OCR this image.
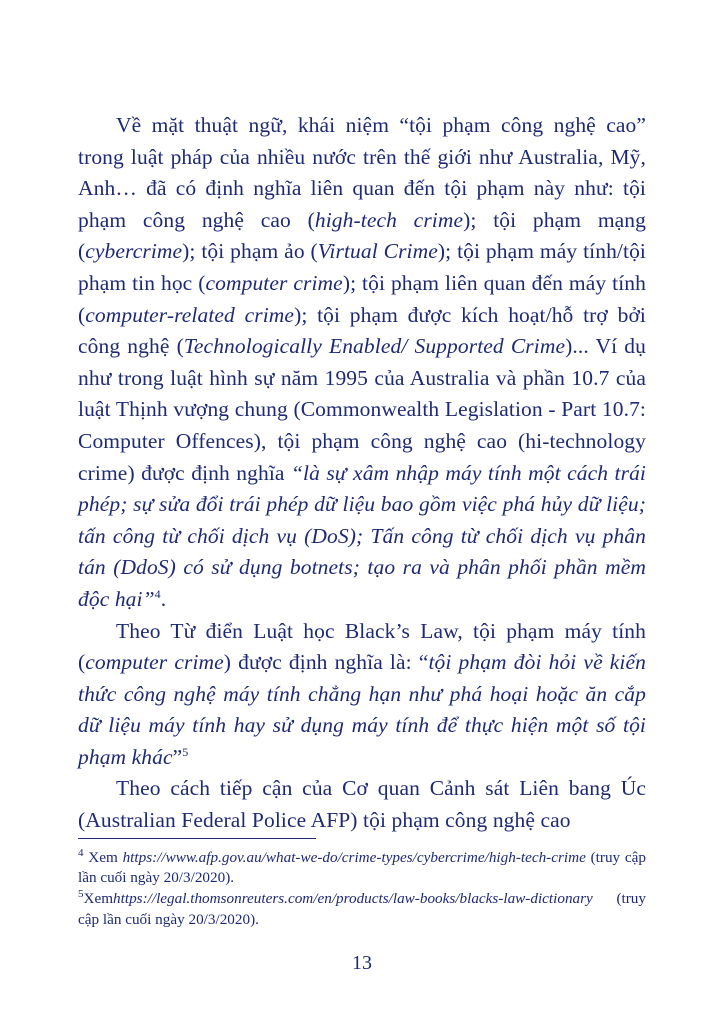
Về mặt thuật ngữ, khái niệm “tội phạm công nghệ cao” trong luật pháp của nhiều nước trên thế giới như Australia, Mỹ, Anh… đã có định nghĩa liên quan đến tội phạm này như: tội phạm công nghệ cao (high-tech crime); tội phạm mạng (cybercrime); tội phạm ảo (Virtual Crime); tội phạm máy tính/tội phạm tin học (computer crime); tội phạm liên quan đến máy tính (computer-related crime); tội phạm được kích hoạt/hỗ trợ bởi công nghệ (Technologically Enabled/ Supported Crime)... Ví dụ như trong luật hình sự năm 1995 của Australia và phần 10.7 của luật Thịnh vượng chung (Commonwealth Legislation - Part 10.7: Computer Offences), tội phạm công nghệ cao (hi-technology crime) được định nghĩa “là sự xâm nhập máy tính một cách trái phép; sự sửa đổi trái phép dữ liệu bao gồm việc phá hủy dữ liệu; tấn công từ chối dịch vụ (DoS); Tấn công từ chối dịch vụ phân tán (DdoS) có sử dụng botnets; tạo ra và phân phối phần mềm độc hại”$^4$.

Theo Từ điển Luật học Black’s Law, tội phạm máy tính (computer crime) được định nghĩa là: “tội phạm đòi hỏi về kiến thức công nghệ máy tính chẳng hạn như phá hoại hoặc ăn cắp dữ liệu máy tính hay sử dụng máy tính để thực hiện một số tội phạm khác”$^5$

Theo cách tiếp cận của Cơ quan Cảnh sát Liên bang Úc (Australian Federal Police AFP) tội phạm công nghệ cao

$^4$ Xem https://www.afp.gov.au/what-we-do/crime-types/cybercrime/high-tech-crime (truy cập lần cuối ngày 20/3/2020).

$^5$Xemhttps://legal.thomsonreuters.com/en/products/law-books/blacks-law-dictionary (truy cập lần cuối ngày 20/3/2020).

13
